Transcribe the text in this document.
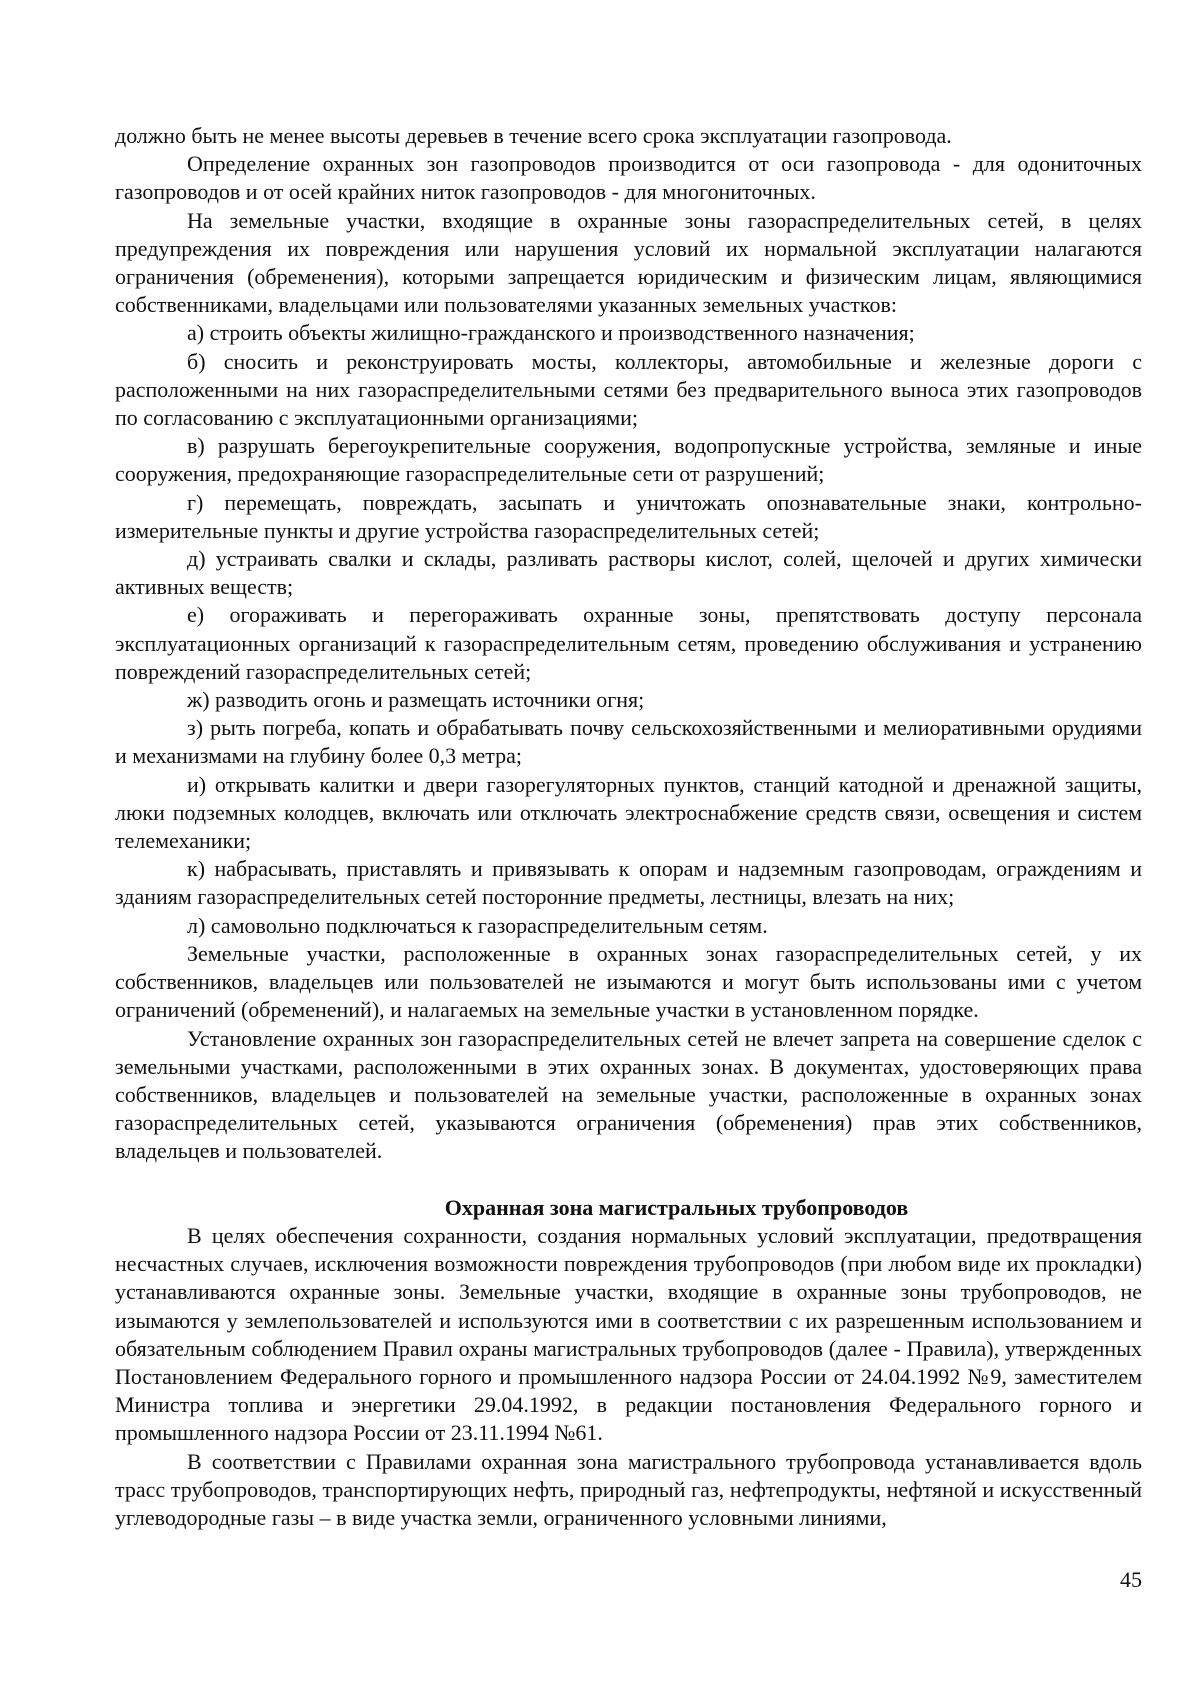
должно быть не менее высоты деревьев в течение всего срока эксплуатации газопровода.

Определение охранных зон газопроводов производится от оси газопровода - для одониточных газопроводов и от осей крайних ниток газопроводов - для многониточных.

На земельные участки, входящие в охранные зоны газораспределительных сетей, в целях предупреждения их повреждения или нарушения условий их нормальной эксплуатации налагаются ограничения (обременения), которыми запрещается юридическим и физическим лицам, являющимися собственниками, владельцами или пользователями указанных земельных участков:

а) строить объекты жилищно-гражданского и производственного назначения;

б) сносить и реконструировать мосты, коллекторы, автомобильные и железные дороги с расположенными на них газораспределительными сетями без предварительного выноса этих газопроводов по согласованию с эксплуатационными организациями;

в) разрушать берегоукрепительные сооружения, водопропускные устройства, земляные и иные сооружения, предохраняющие газораспределительные сети от разрушений;

г) перемещать, повреждать, засыпать и уничтожать опознавательные знаки, контрольно-измерительные пункты и другие устройства газораспределительных сетей;

д) устраивать свалки и склады, разливать растворы кислот, солей, щелочей и других химически активных веществ;

е) огораживать и перегораживать охранные зоны, препятствовать доступу персонала эксплуатационных организаций к газораспределительным сетям, проведению обслуживания и устранению повреждений газораспределительных сетей;

ж) разводить огонь и размещать источники огня;

з) рыть погреба, копать и обрабатывать почву сельскохозяйственными и мелиоративными орудиями и механизмами на глубину более 0,3 метра;

и) открывать калитки и двери газорегуляторных пунктов, станций катодной и дренажной защиты, люки подземных колодцев, включать или отключать электроснабжение средств связи, освещения и систем телемеханики;

к) набрасывать, приставлять и привязывать к опорам и надземным газопроводам, ограждениям и зданиям газораспределительных сетей посторонние предметы, лестницы, влезать на них;

л) самовольно подключаться к газораспределительным сетям.

Земельные участки, расположенные в охранных зонах газораспределительных сетей, у их собственников, владельцев или пользователей не изымаются и могут быть использованы ими с учетом ограничений (обременений), и налагаемых на земельные участки в установленном порядке.

Установление охранных зон газораспределительных сетей не влечет запрета на совершение сделок с земельными участками, расположенными в этих охранных зонах. В документах, удостоверяющих права собственников, владельцев и пользователей на земельные участки, расположенные в охранных зонах газораспределительных сетей, указываются ограничения (обременения) прав этих собственников, владельцев и пользователей.

Охранная зона магистральных трубопроводов

В целях обеспечения сохранности, создания нормальных условий эксплуатации, предотвращения несчастных случаев, исключения возможности повреждения трубопроводов (при любом виде их прокладки) устанавливаются охранные зоны. Земельные участки, входящие в охранные зоны трубопроводов, не изымаются у землепользователей и используются ими в соответствии с их разрешенным использованием и обязательным соблюдением Правил охраны магистральных трубопроводов (далее - Правила), утвержденных Постановлением Федерального горного и промышленного надзора России от 24.04.1992 №9, заместителем Министра топлива и энергетики 29.04.1992, в редакции постановления Федерального горного и промышленного надзора России от 23.11.1994 №61.

В соответствии с Правилами охранная зона магистрального трубопровода устанавливается вдоль трасс трубопроводов, транспортирующих нефть, природный газ, нефтепродукты, нефтяной и искусственный углеводородные газы – в виде участка земли, ограниченного условными линиями,

45
